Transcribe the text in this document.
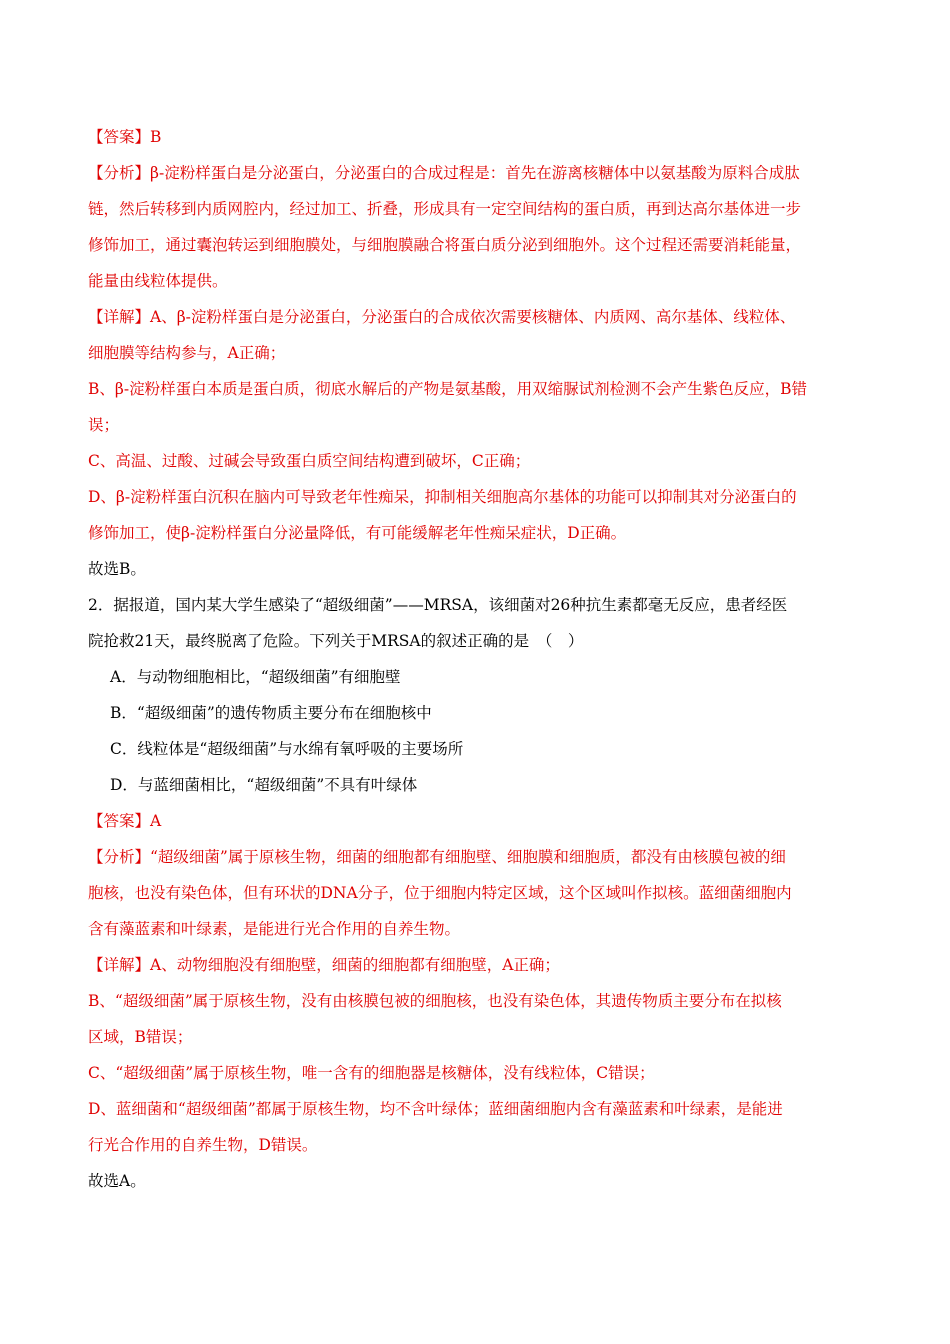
【答案】B
【分析】β-淀粉样蛋白是分泌蛋白，分泌蛋白的合成过程是：首先在游离核糖体中以氨基酸为原料合成肽
链，然后转移到内质网腔内，经过加工、折叠，形成具有一定空间结构的蛋白质，再到达高尔基体进一步
修饰加工，通过囊泡转运到细胞膜处，与细胞膜融合将蛋白质分泌到细胞外。这个过程还需要消耗能量，
能量由线粒体提供。
【详解】A、β-淀粉样蛋白是分泌蛋白，分泌蛋白的合成依次需要核糖体、内质网、高尔基体、线粒体、
细胞膜等结构参与，A正确；
B、β-淀粉样蛋白本质是蛋白质，彻底水解后的产物是氨基酸，用双缩脲试剂检测不会产生紫色反应，B错
误；
C、高温、过酸、过碱会导致蛋白质空间结构遭到破坏，C正确；
D、β-淀粉样蛋白沉积在脑内可导致老年性痴呆，抑制相关细胞高尔基体的功能可以抑制其对分泌蛋白的
修饰加工，使β-淀粉样蛋白分泌量降低，有可能缓解老年性痴呆症状，D正确。
故选B。
2．据报道，国内某大学生感染了“超级细菌”——MRSA，该细菌对26种抗生素都毫无反应，患者经医
院抢救21天，最终脱离了危险。下列关于MRSA的叙述正确的是　（　）
A．与动物细胞相比，“超级细菌”有细胞壁
B．“超级细菌”的遗传物质主要分布在细胞核中
C．线粒体是“超级细菌”与水绵有氧呼吸的主要场所
D．与蓝细菌相比，“超级细菌”不具有叶绿体
【答案】A
【分析】“超级细菌”属于原核生物，细菌的细胞都有细胞壁、细胞膜和细胞质，都没有由核膜包被的细
胞核，也没有染色体，但有环状的DNA分子，位于细胞内特定区域，这个区域叫作拟核。蓝细菌细胞内
含有藻蓝素和叶绿素，是能进行光合作用的自养生物。
【详解】A、动物细胞没有细胞壁，细菌的细胞都有细胞壁，A正确；
B、“超级细菌”属于原核生物，没有由核膜包被的细胞核，也没有染色体，其遗传物质主要分布在拟核
区域，B错误；
C、“超级细菌”属于原核生物，唯一含有的细胞器是核糖体，没有线粒体，C错误；
D、蓝细菌和“超级细菌”都属于原核生物，均不含叶绿体；蓝细菌细胞内含有藻蓝素和叶绿素，是能进
行光合作用的自养生物，D错误。
故选A。
